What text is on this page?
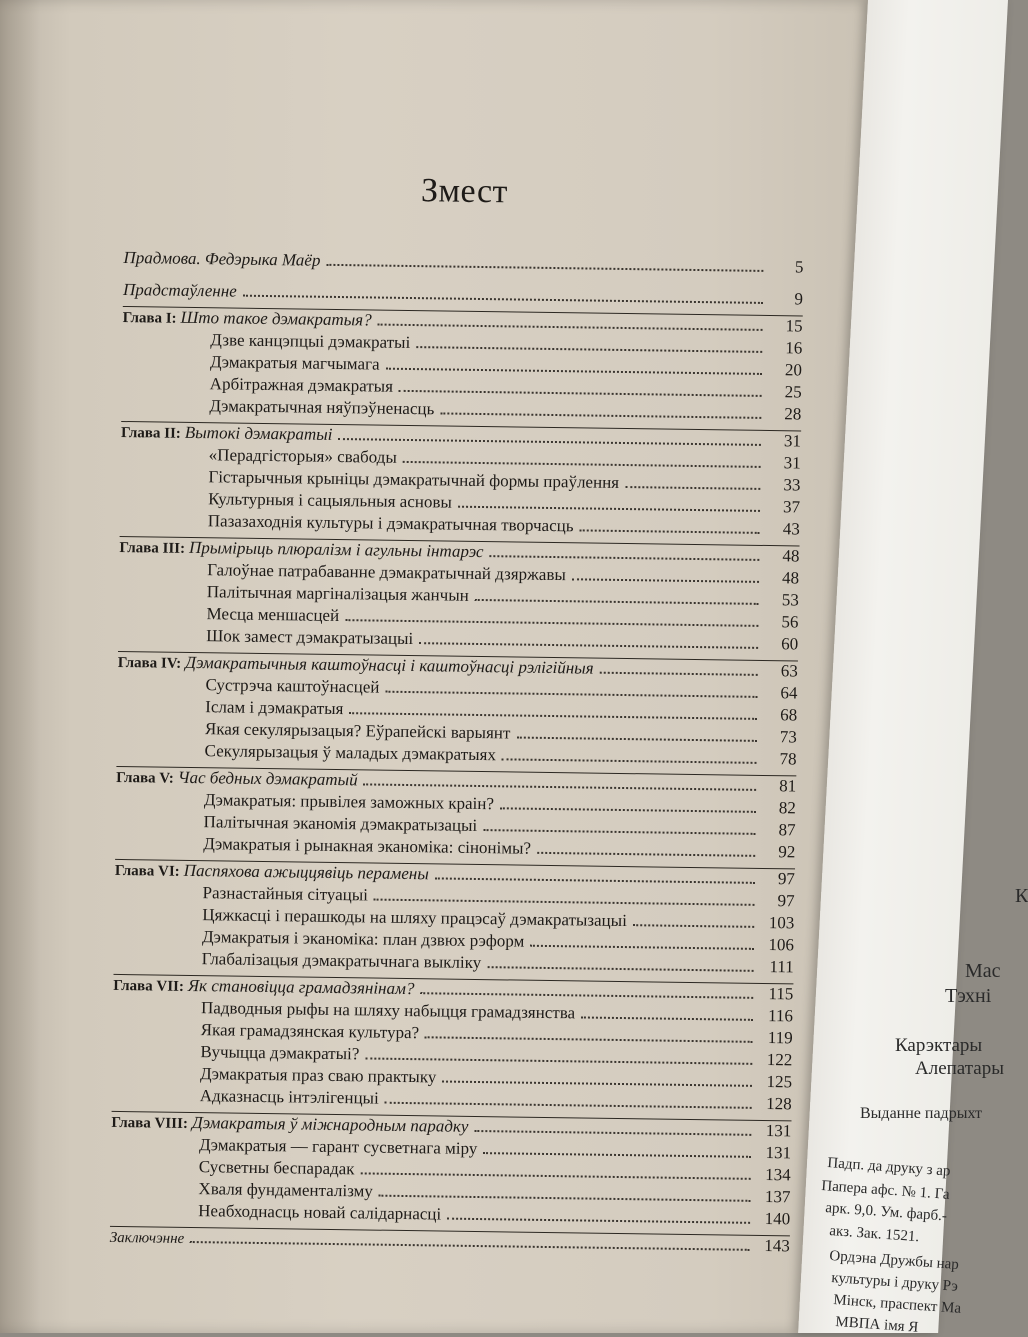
Змест
Прадмова. Федэрыка Маёр	5
Прадстаўленне	9
Глава I: Што такое дэмакратыя?	15
Дзве канцэпцыі дэмакратыі	16
Дэмакратыя магчымага	20
Арбітражная дэмакратыя	25
Дэмакратычная няўпэўненасць	28
Глава II: Вытокі дэмакратыі	31
«Перадгісторыя» свабоды	31
Гістарычныя крыніцы дэмакратычнай формы праўлення	33
Культурныя і сацыяльныя асновы	37
Пазазаходнія культуры і дэмакратычная творчасць	43
Глава III: Прымірыць плюралізм і агульны інтарэс	48
Галоўнае патрабаванне дэмакратычнай дзяржавы	48
Палітычная маргіналізацыя жанчын	53
Месца меншасцей	56
Шок замест дэмакратызацыі	60
Глава IV: Дэмакратычныя каштоўнасці і каштоўнасці рэлігійныя	63
Сустрэча каштоўнасцей	64
Іслам і дэмакратыя	68
Якая секулярызацыя? Еўрапейскі варыянт	73
Секулярызацыя ў маладых дэмакратыях	78
Глава V: Час бедных дэмакратый	81
Дэмакратыя: прывілея заможных краін?	82
Палітычная эканомія дэмакратызацыі	87
Дэмакратыя і рынакная эканоміка: сінонімы?	92
Глава VI: Паспяхова ажыццявіць перамены	97
Разнастайныя сітуацыі	97
Цяжкасці і перашкоды на шляху працэсаў дэмакратызацыі	103
Дэмакратыя і эканоміка: план дзвюх рэформ	106
Глабалізацыя дэмакратычнага выкліку	111
Глава VII: Як становіцца грамадзянінам?	115
Падводныя рыфы на шляху набыцця грамадзянства	116
Якая грамадзянская культура?	119
Вучыцца дэмакратыі?	122
Дэмакратыя праз сваю практыку	125
Адказнасць інтэлігенцыі	128
Глава VIII: Дэмакратыя ў міжнародным парадку	131
Дэмакратыя — гарант сусветнага міру	131
Сусветны беспарадак	134
Хваля фундаменталізму	137
Неабходнасць новай салідарнасці	140
Заключэнне	143
К
Мас
Тэхні
Карэктары
Алепатары
Выданне падрыхт
Падп. да друку з ар
Папера афс. № 1. Га
арк. 9,0. Ум. фарб.-
акз. Зак. 1521.
Ордэна Дружбы нар
культуры і друку Рэ
Мінск, праспект Ма
МВПА імя Я
